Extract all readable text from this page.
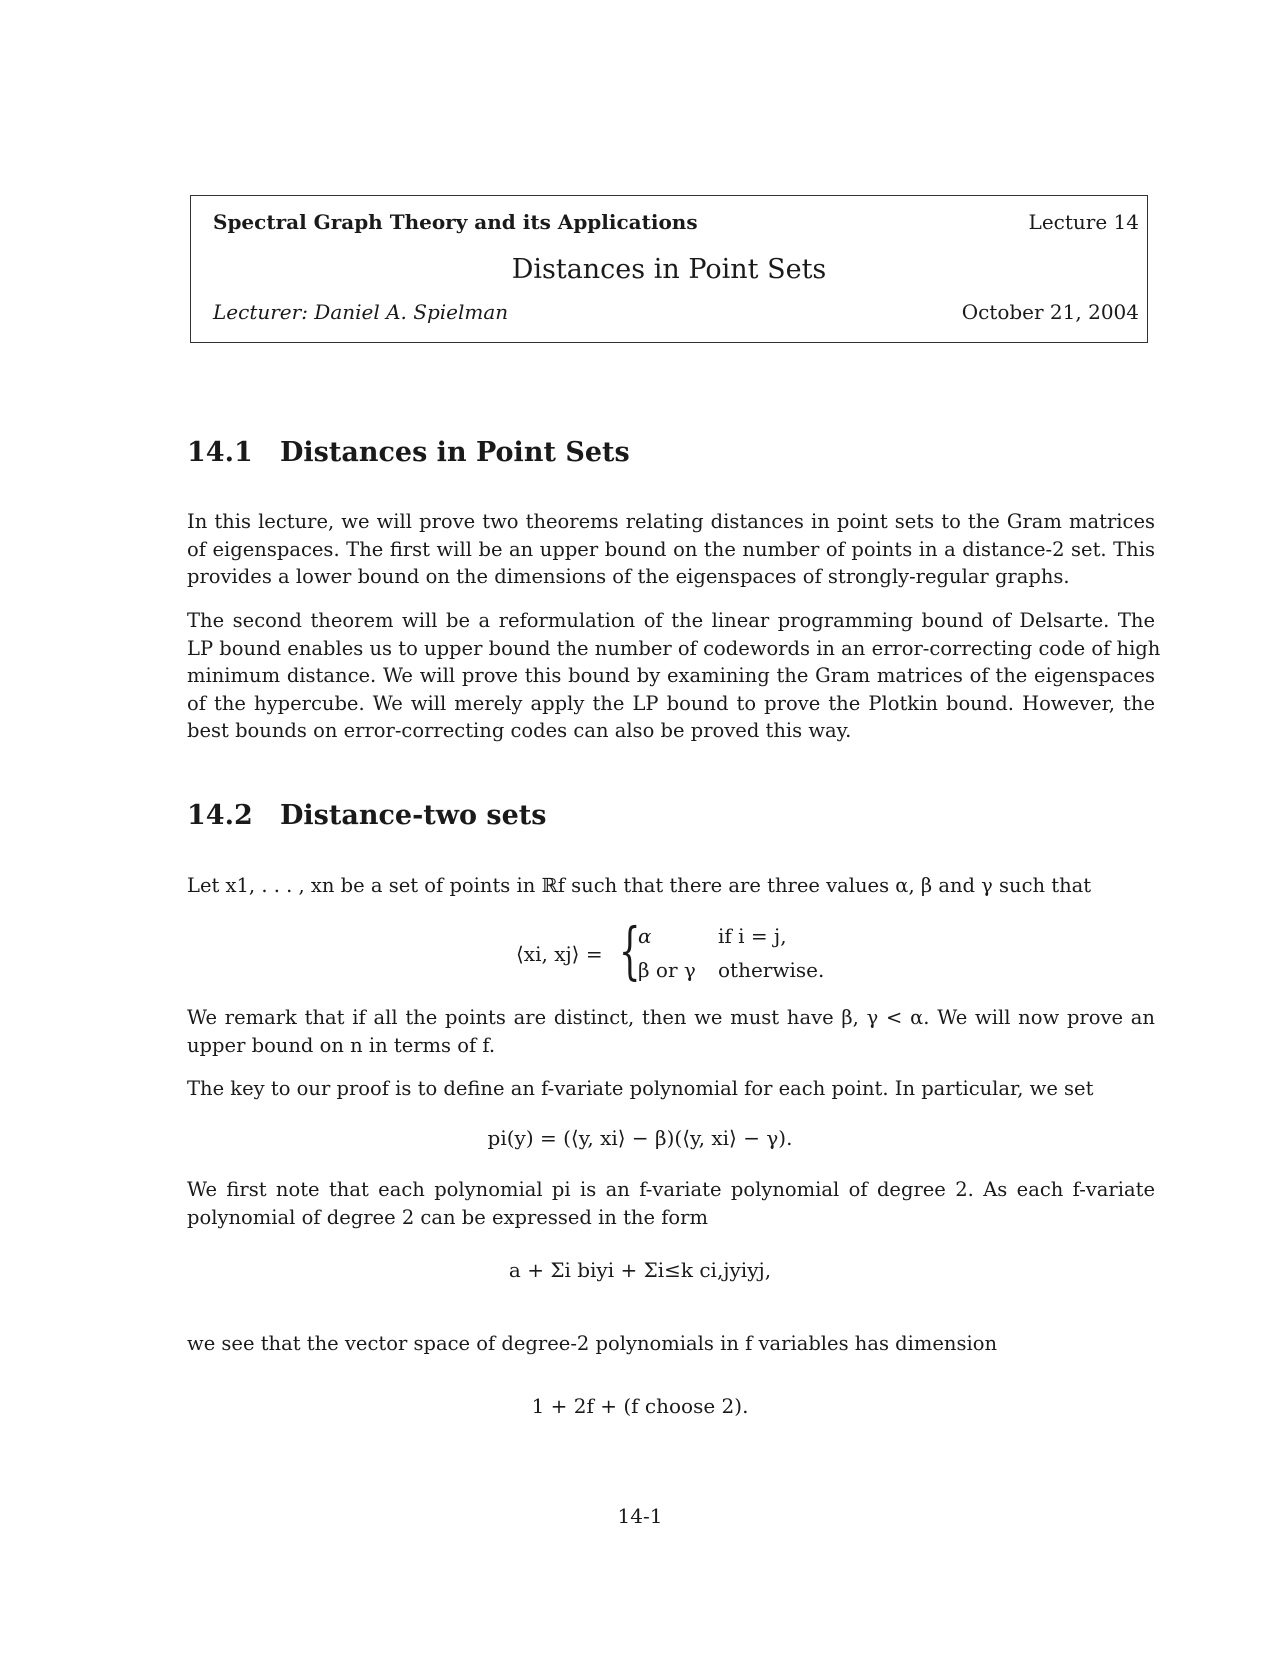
Spectral Graph Theory and its Applications	Lecture 14
Distances in Point Sets
Lecturer: Daniel A. Spielman	October 21, 2004
14.1 Distances in Point Sets
In this lecture, we will prove two theorems relating distances in point sets to the Gram matrices
of eigenspaces. The first will be an upper bound on the number of points in a distance-2 set. This
provides a lower bound on the dimensions of the eigenspaces of strongly-regular graphs.
The second theorem will be a reformulation of the linear programming bound of Delsarte. The
LP bound enables us to upper bound the number of codewords in an error-correcting code of high
minimum distance. We will prove this bound by examining the Gram matrices of the eigenspaces
of the hypercube. We will merely apply the LP bound to prove the Plotkin bound. However, the
best bounds on error-correcting codes can also be proved this way.
14.2 Distance-two sets
Let x1, . . . , xn be a set of points in ℝf such that there are three values α, β and γ such that
⟨xi, xj⟩ = {
α	if i = j,
β or γ otherwise.
We remark that if all the points are distinct, then we must have β, γ < α. We will now prove an
upper bound on n in terms of f.
The key to our proof is to define an f-variate polynomial for each point. In particular, we set
pi(y) = (⟨y, xi⟩ − β)(⟨y, xi⟩ − γ).
We first note that each polynomial pi is an f-variate polynomial of degree 2. As each f-variate
polynomial of degree 2 can be expressed in the form
a + Σi biyi + Σi≤k ci,jyiyj,
we see that the vector space of degree-2 polynomials in f variables has dimension
1 + 2f + (f choose 2).
14-1
